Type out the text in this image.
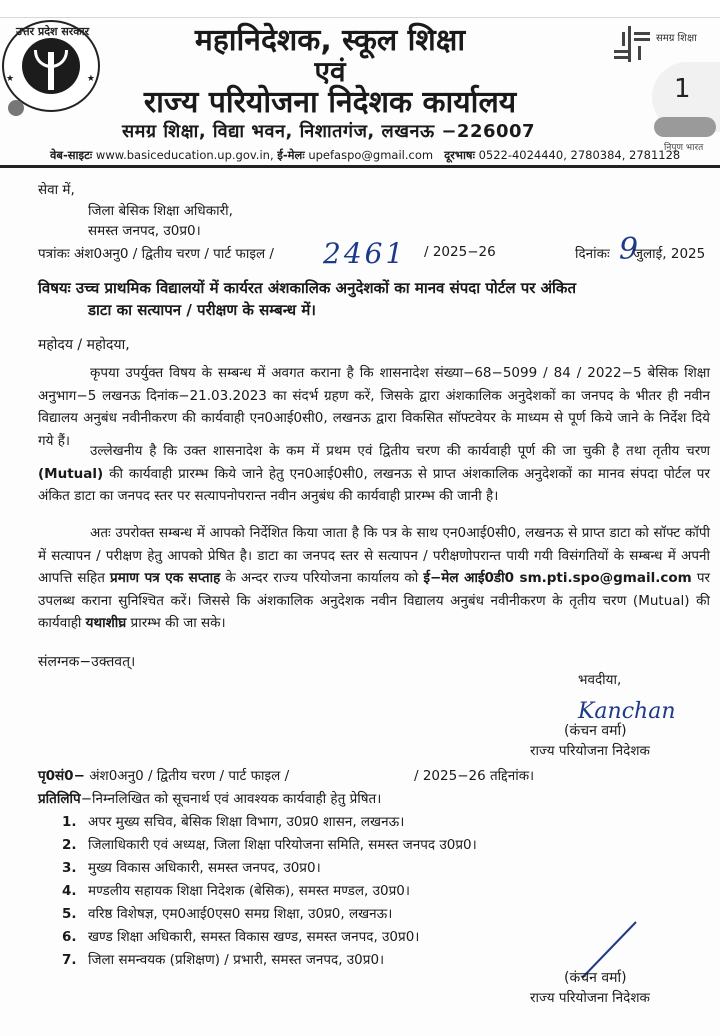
उत्तर प्रदेश सरकार
★	★
महानिदेशक, स्कूल शिक्षा
एवं
राज्य परियोजना निदेशक कार्यालय
समग्र शिक्षा, विद्या भवन, निशातगंज, लखनऊ −226007
वेब-साइटः www.basiceducation.up.gov.in, ई-मेलः upefaspo@gmail.com दूरभाषः 0522-4024440, 2780384, 2781128
समग्र शिक्षा
1
निपुण भारत
सेवा में,
जिला बेसिक शिक्षा अधिकारी,
समस्त जनपद, उ0प्र0।
पत्रांकः अंश0अनु0 / द्वितीय चरण / पार्ट फाइल / 2461 / 2025−26	दिनांकः 9
जुलाई, 2025
विषयः उच्च प्राथमिक विद्यालयों में कार्यरत अंशकालिक अनुदेशकों का मानव संपदा पोर्टल पर अंकित
डाटा का सत्यापन / परीक्षण के सम्बन्ध में।
महोदय / महोदया,
कृपया उपर्युक्त विषय के सम्बन्ध में अवगत कराना है कि शासनादेश संख्या−68−5099 / 84 / 2022−5 बेसिक शिक्षा अनुभाग−5 लखनऊ दिनांक−21.03.2023 का संदर्भ ग्रहण करें, जिसके द्वारा अंशकालिक अनुदेशकों का जनपद के भीतर ही नवीन विद्यालय अनुबंध नवीनीकरण की कार्यवाही एन0आई0सी0, लखनऊ द्वारा विकसित सॉफ्टवेयर के माध्यम से पूर्ण किये जाने के निर्देश दिये गये हैं।
उल्लेखनीय है कि उक्त शासनादेश के कम में प्रथम एवं द्वितीय चरण की कार्यवाही पूर्ण की जा चुकी है तथा तृतीय चरण (Mutual) की कार्यवाही प्रारम्भ किये जाने हेतु एन0आई0सी0, लखनऊ से प्राप्त अंशकालिक अनुदेशकों का मानव संपदा पोर्टल पर अंकित डाटा का जनपद स्तर पर सत्यापनोपरान्त नवीन अनुबंध की कार्यवाही प्रारम्भ की जानी है।
अतः उपरोक्त सम्बन्ध में आपको निर्देशित किया जाता है कि पत्र के साथ एन0आई0सी0, लखनऊ से प्राप्त डाटा को सॉफ्ट कॉपी में सत्यापन / परीक्षण हेतु आपको प्रेषित है। डाटा का जनपद स्तर से सत्यापन / परीक्षणोपरान्त पायी गयी विसंगतियों के सम्बन्ध में अपनी आपत्ति सहित प्रमाण पत्र एक सप्ताह के अन्दर राज्य परियोजना कार्यालय को ई−मेल आई0डी0 sm.pti.spo@gmail.com पर उपलब्ध कराना सुनिश्चित करें। जिससे कि अंशकालिक अनुदेशक नवीन विद्यालय अनुबंध नवीनीकरण के तृतीय चरण (Mutual) की कार्यवाही यथाशीघ्र प्रारम्भ की जा सके।
संलग्नक−उक्तवत्।
भवदीया,
Kanchan
(कंचन वर्मा)
राज्य परियोजना निदेशक
पृ0सं0− अंश0अनु0 / द्वितीय चरण / पार्ट फाइल /	/ 2025−26 तद्दिनांक।
प्रतिलिपि−निम्नलिखित को सूचनार्थ एवं आवश्यक कार्यवाही हेतु प्रेषित।
1. अपर मुख्य सचिव, बेसिक शिक्षा विभाग, उ0प्र0 शासन, लखनऊ।
2. जिलाधिकारी एवं अध्यक्ष, जिला शिक्षा परियोजना समिति, समस्त जनपद उ0प्र0।
3. मुख्य विकास अधिकारी, समस्त जनपद, उ0प्र0।
4. मण्डलीय सहायक शिक्षा निदेशक (बेसिक), समस्त मण्डल, उ0प्र0।
5. वरिष्ठ विशेषज्ञ, एम0आई0एस0 समग्र शिक्षा, उ0प्र0, लखनऊ।
6. खण्ड शिक्षा अधिकारी, समस्त विकास खण्ड, समस्त जनपद, उ0प्र0।
7. जिला समन्वयक (प्रशिक्षण) / प्रभारी, समस्त जनपद, उ0प्र0।
(कंचन वर्मा)
राज्य परियोजना निदेशक
